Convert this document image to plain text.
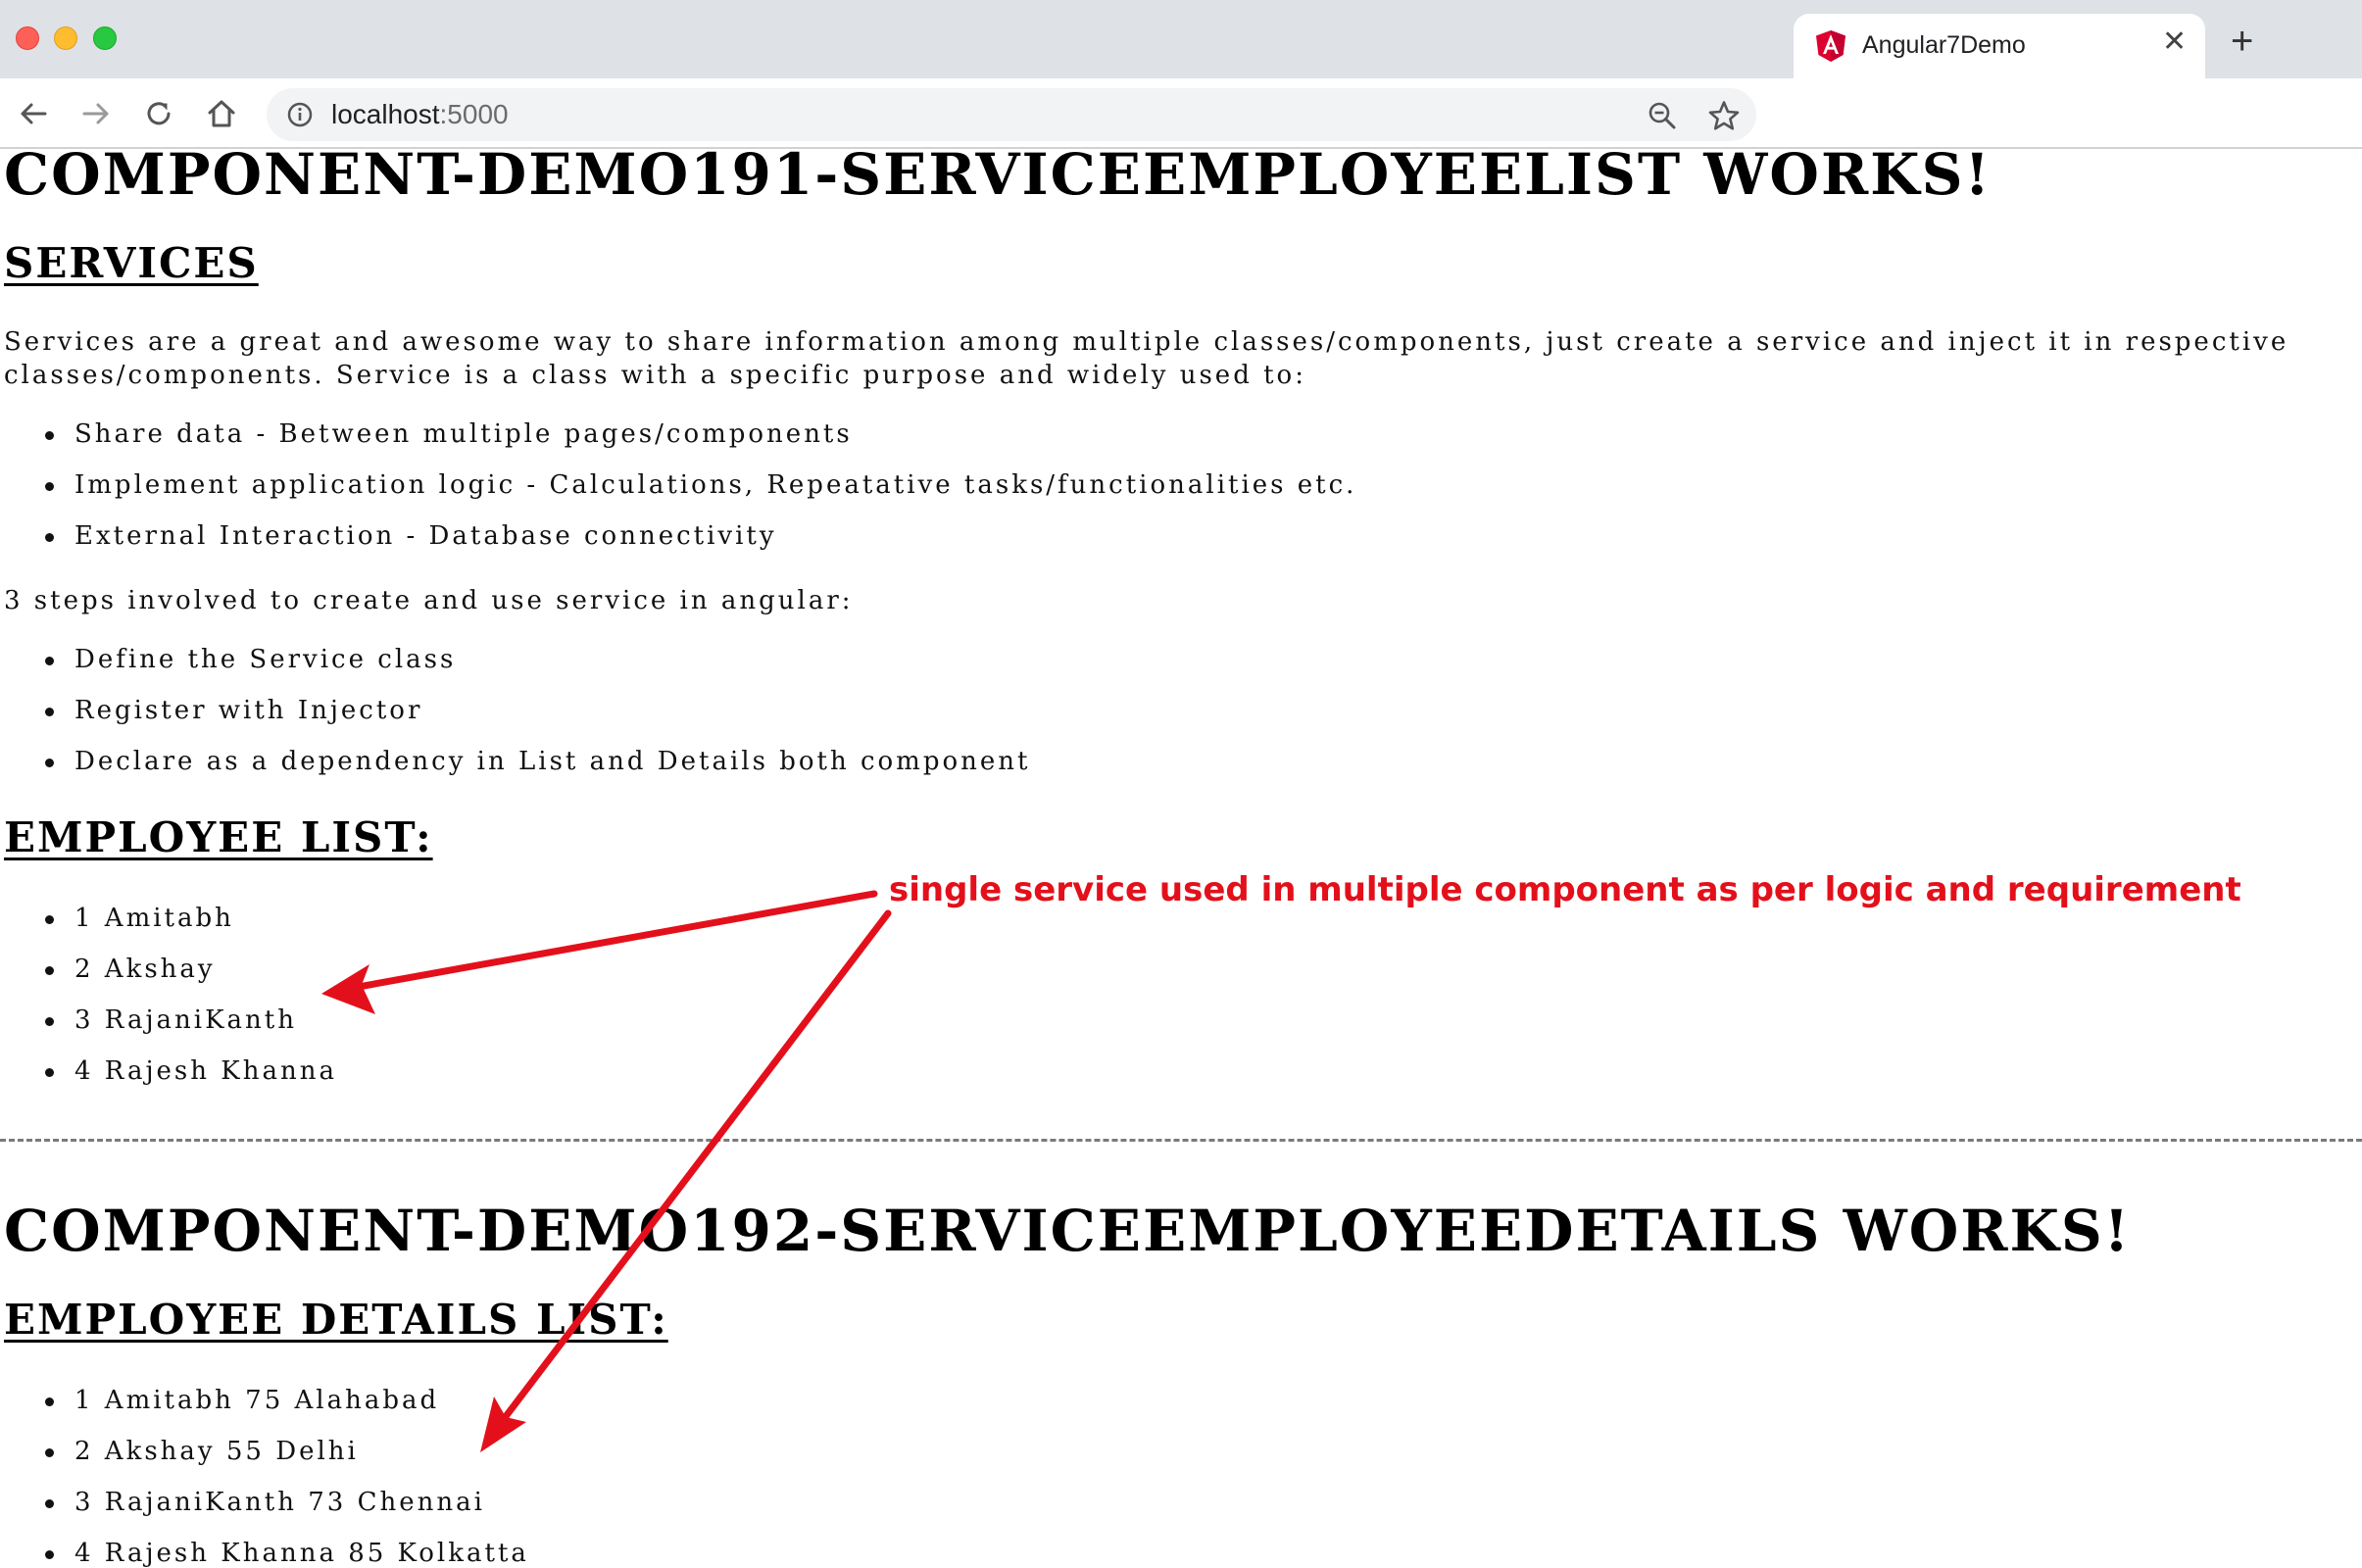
Angular7Demo	✕ +
localhost:5000
COMPONENT-DEMO191-SERVICEEMPLOYEELIST WORKS!
SERVICES
Services are a great and awesome way to share information among multiple classes/components, just create a service and inject it in respective
classes/components. Service is a class with a specific purpose and widely used to:
Share data - Between multiple pages/components
Implement application logic - Calculations, Repeatative tasks/functionalities etc.
External Interaction - Database connectivity
3 steps involved to create and use service in angular:
Define the Service class
Register with Injector
Declare as a dependency in List and Details both component
EMPLOYEE LIST:
1 Amitabh
2 Akshay
3 RajaniKanth
4 Rajesh Khanna
COMPONENT-DEMO192-SERVICEEMPLOYEEDETAILS WORKS!
EMPLOYEE DETAILS LIST:
1 Amitabh 75 Alahabad
2 Akshay 55 Delhi
3 RajaniKanth 73 Chennai
4 Rajesh Khanna 85 Kolkatta
single service used in multiple component as per logic and requirement
